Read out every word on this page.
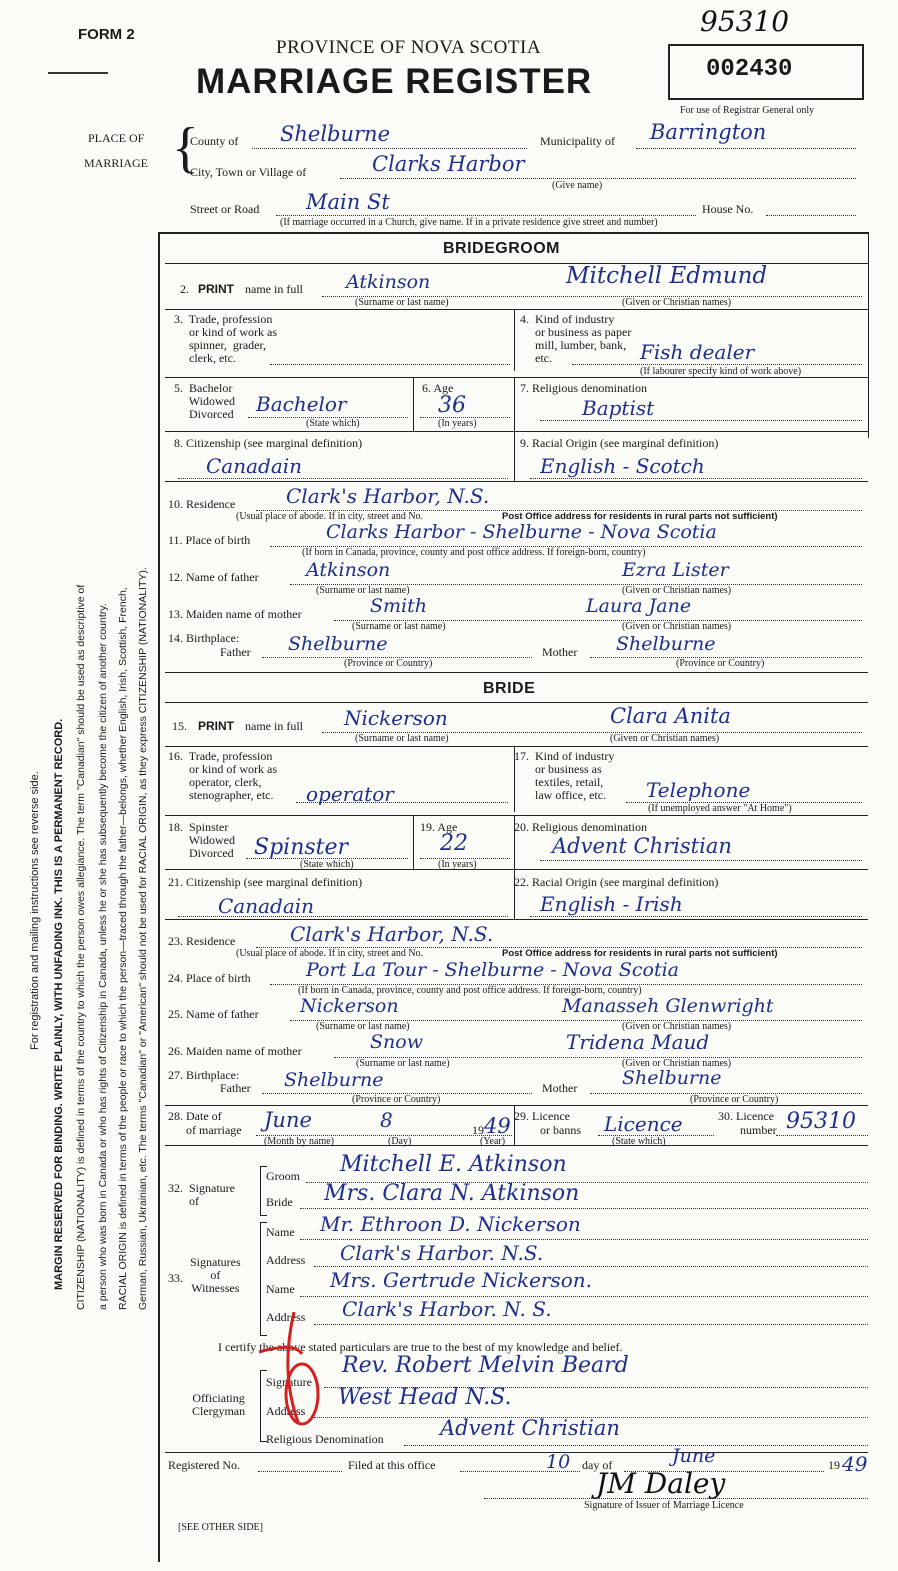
FORM 2
PROVINCE OF NOVA SCOTIA
MARRIAGE REGISTER
95310
002430
For use of Registrar General only
PLACE OF
MARRIAGE {
County of Shelburne	Municipality of Barrington
City, Town or Village of	Clarks Harbor
(Give name)
Street or Road Main St	House No.
(If marriage occurred in a Church, give name. If in a private residence give street and number)
For registration and mailing instructions see reverse side. MARGIN RESERVED FOR BINDING. WRITE PLAINLY, WITH UNFADING INK. THIS IS A PERMANENT RECORD. CITIZENSHIP (NATIONALITY) is defined in terms of the country to which the person owes allegiance. The term "Canadian" should be used as descriptive of a person who was born in Canada or who has rights of Citizenship in Canada, unless he or she has subsequently become the citizen of another country. RACIAL ORIGIN is defined in terms of the people or race to which the person—traced through the father—belongs, whether English, Irish, Scottish, French, German, Russian, Ukrainian, etc. The terms "Canadian" or "American" should not be used for RACIAL ORIGIN, as they express CITIZENSHIP (NATIONALITY).
BRIDEGROOM
2. PRINT name in full Atkinson	Mitchell Edmund
(Surname or last name)	(Given or Christian names)
3.  Trade, profession
or kind of work as
spinner,  grader,
clerk, etc.
4.  Kind of industry
or business as paper
mill, lumber, bank,
etc.	Fish dealer
(If labourer specify kind of work above)
5.  Bachelor
Widowed
Divorced Bachelor
(State which)
6. Age
36
(In years)
7. Religious denomination
Baptist
8. Citizenship (see marginal definition)
Canadain
9. Racial Origin (see marginal definition)
English - Scotch
10. Residence	Clark's Harbor, N.S.
(Usual place of abode. If in city, street and No.	Post Office address for residents in rural parts not sufficient)
11. Place of birth	Clarks Harbor - Shelburne - Nova Scotia
(If born in Canada, province, county and post office address. If foreign-born, country)
12. Name of father Atkinson	Ezra Lister
(Surname or last name)	(Given or Christian names)
13. Maiden name of mother	Smith	Laura Jane
(Surname or last name)	(Given or Christian names)
14. Birthplace:
Father Shelburne
(Province or Country)
Mother Shelburne
(Province or Country)
BRIDE
15. PRINT name in full Nickerson	Clara Anita
(Surname or last name)	(Given or Christian names)
16.  Trade, profession
or kind of work as
operator, clerk,
stenographer, etc. operator
17.  Kind of industry
or business as
textiles, retail,
law office, etc.	Telephone
(If unemployed answer "At Home")
18.  Spinster
Widowed
Divorced Spinster
(State which)
19. Age
22
(In years)
20. Religious denomination
Advent Christian
21. Citizenship (see marginal definition)
Canadain
22. Racial Origin (see marginal definition)
English - Irish
23. Residence	Clark's Harbor, N.S.
(Usual place of abode. If in city, street and No.	Post Office address for residents in rural parts not sufficient)
24. Place of birth	Port La Tour - Shelburne - Nova Scotia
(If born in Canada, province, county and post office address. If foreign-born, country)
25. Name of father Nickerson	Manasseh Glenwright
(Surname or last name)	(Given or Christian names)
26. Maiden name of mother	Snow	Tridena Maud
(Surname or last name)	(Given or Christian names)
27. Birthplace:
Father Shelburne
(Province or Country)
Mother Shelburne
(Province or Country)
28. Date of
of marriage June	8	19 49
(Month by name)	(Day)	(Year)
29. Licence
or banns Licence
(State which)
30. Licence
number 95310
32.  Signature
of
Groom Mitchell E. Atkinson
Bride Mrs. Clara N. Atkinson
33.
Signatures
of
Witnesses
Name Mr. Ethroon D. Nickerson
Address Clark's Harbor. N.S.
Name Mrs. Gertrude Nickerson.
Address Clark's Harbor. N. S.
I certify the above stated particulars are true to the best of my knowledge and belief.
Officiating
Clergyman
Signature
Rev. Robert Melvin Beard
Address
West Head N.S.
Religious Denomination	Advent Christian
Registered No.	Filed at this office	10 day of	June	19 49
JM Daley
Signature of Issuer of Marriage Licence
[SEE OTHER SIDE]
